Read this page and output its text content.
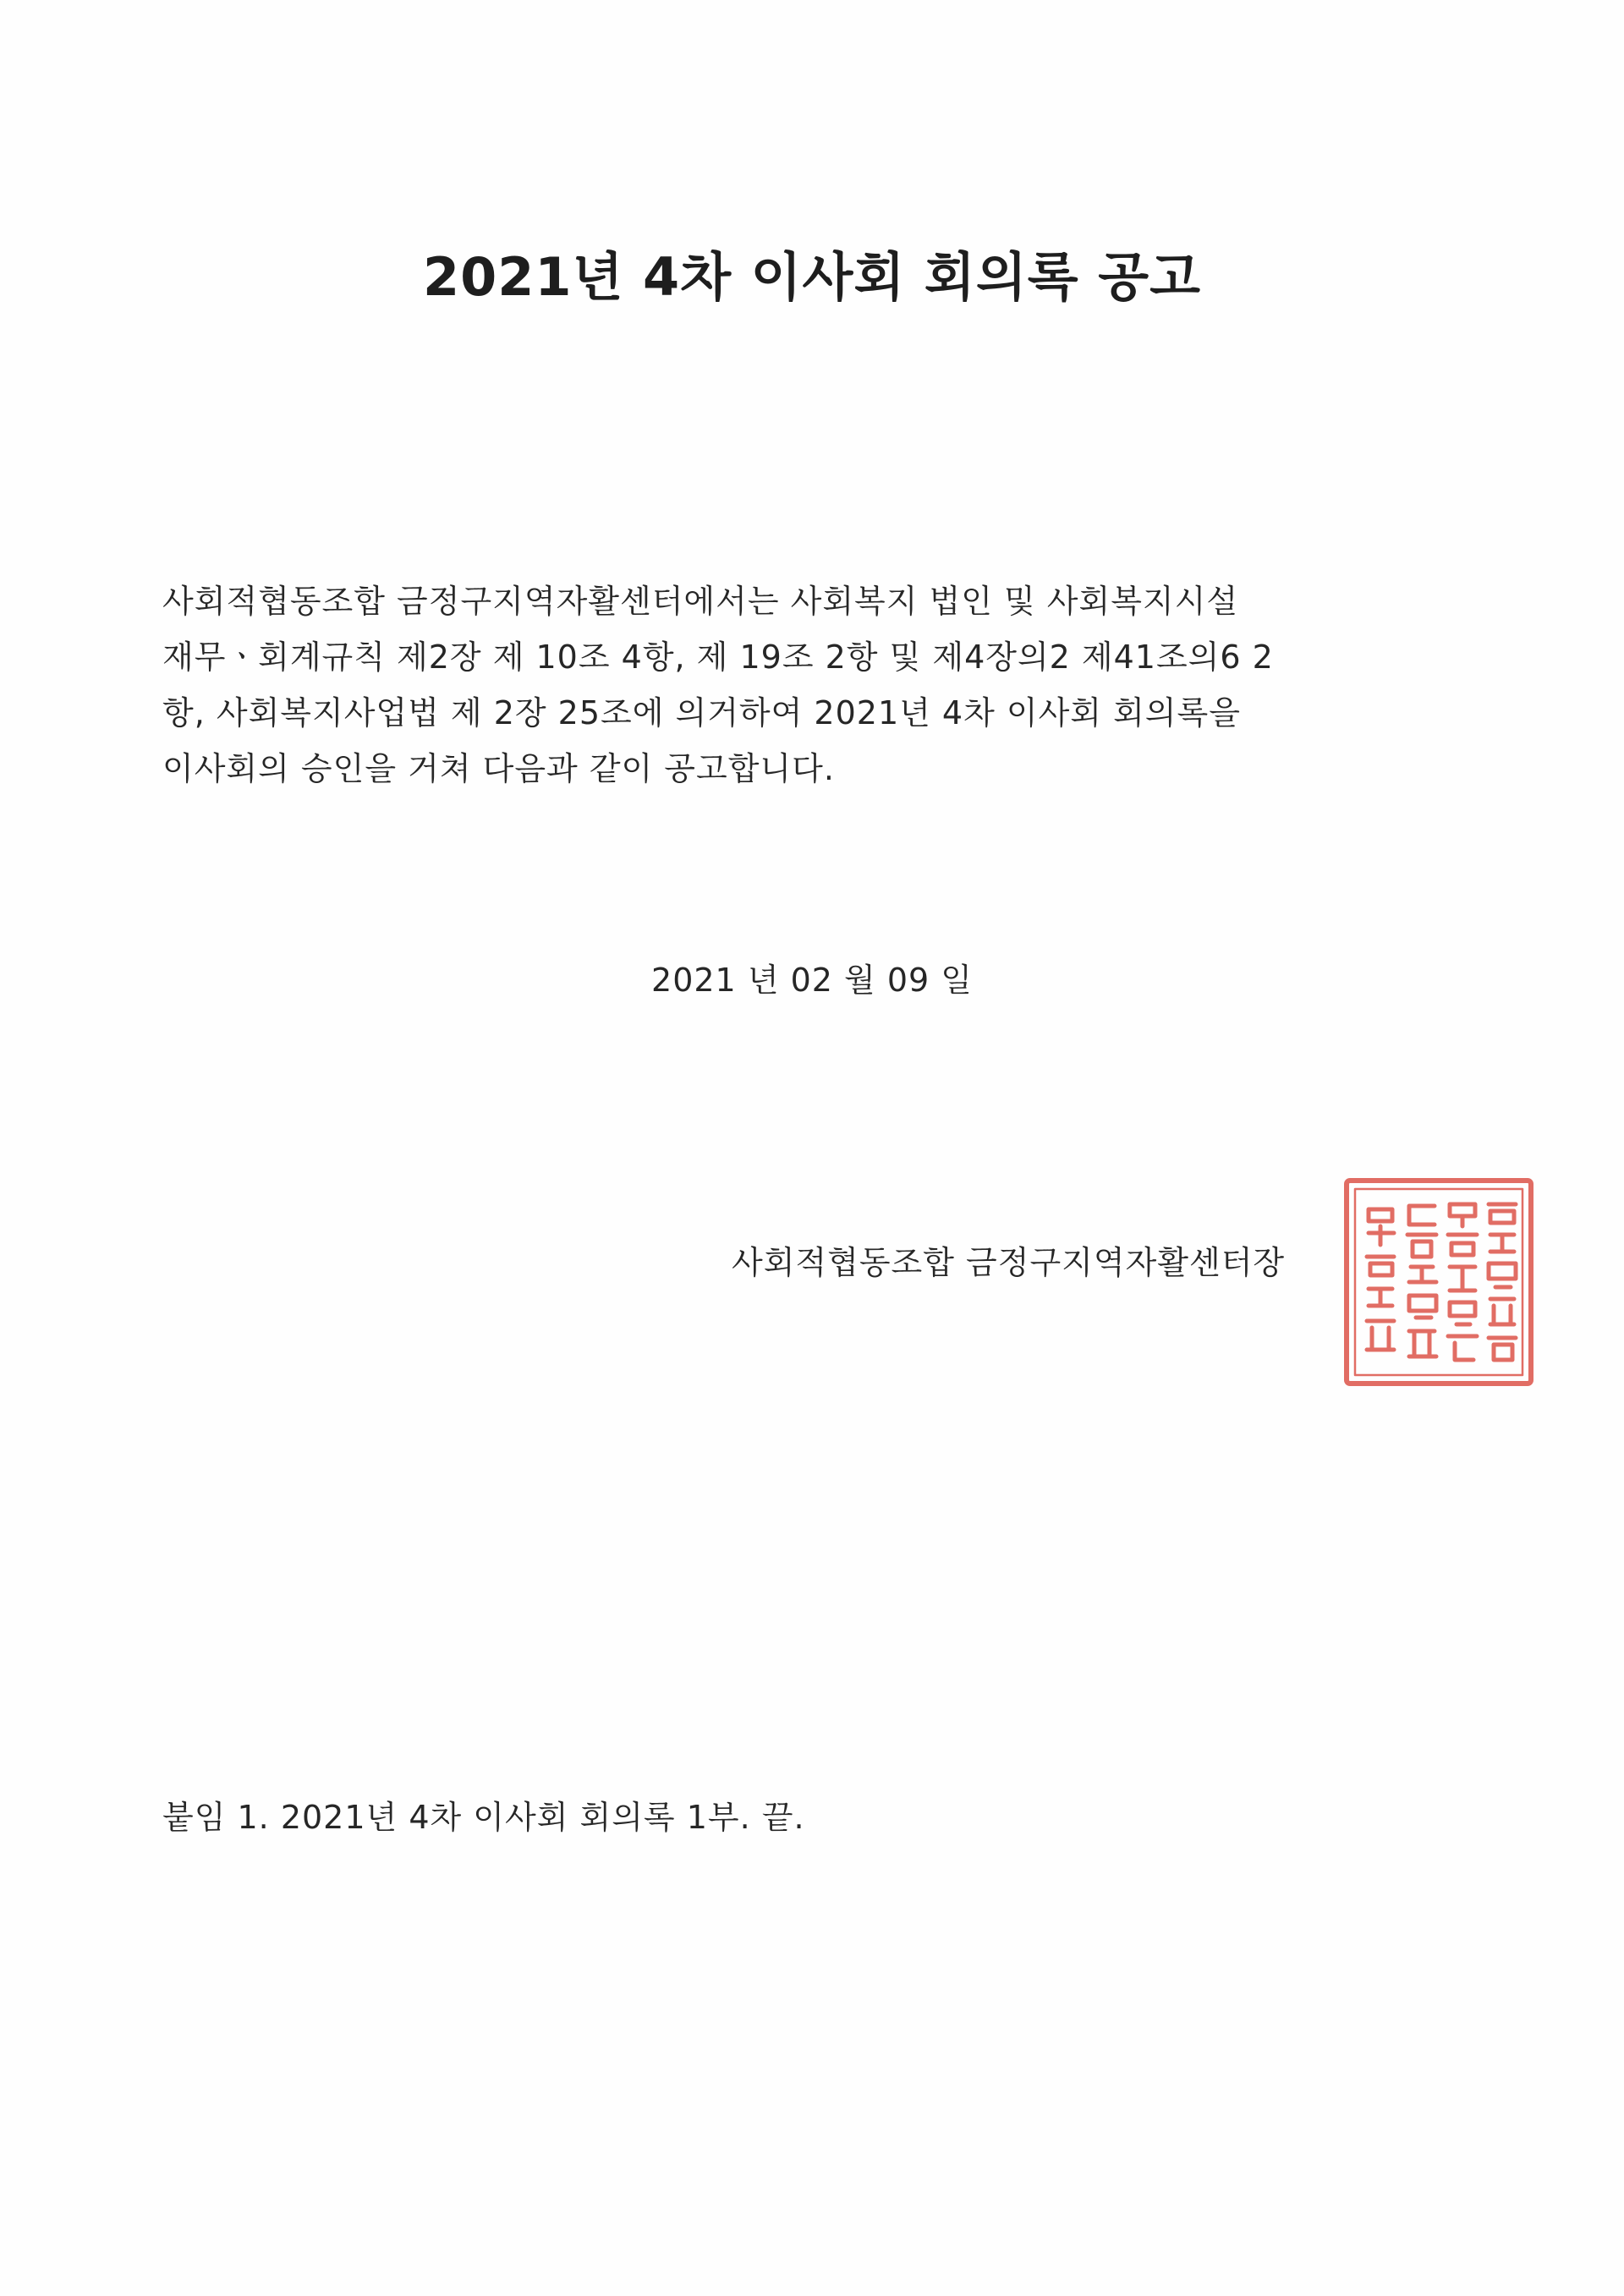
2021년 4차 이사회 회의록 공고
사회적협동조합 금정구지역자활센터에서는 사회복지 법인 및 사회복지시설
재무ㆍ회계규칙 제2장 제 10조 4항, 제 19조 2항 및 제4장의2 제41조의6 2
항, 사회복지사업법 제 2장 25조에 의거하여 2021년 4차 이사회 회의록을
이사회의 승인을 거쳐 다음과 같이 공고합니다.
2021 년 02 월 09 일
사회적협동조합 금정구지역자활센터장
붙임 1. 2021년 4차 이사회 회의록 1부. 끝.
